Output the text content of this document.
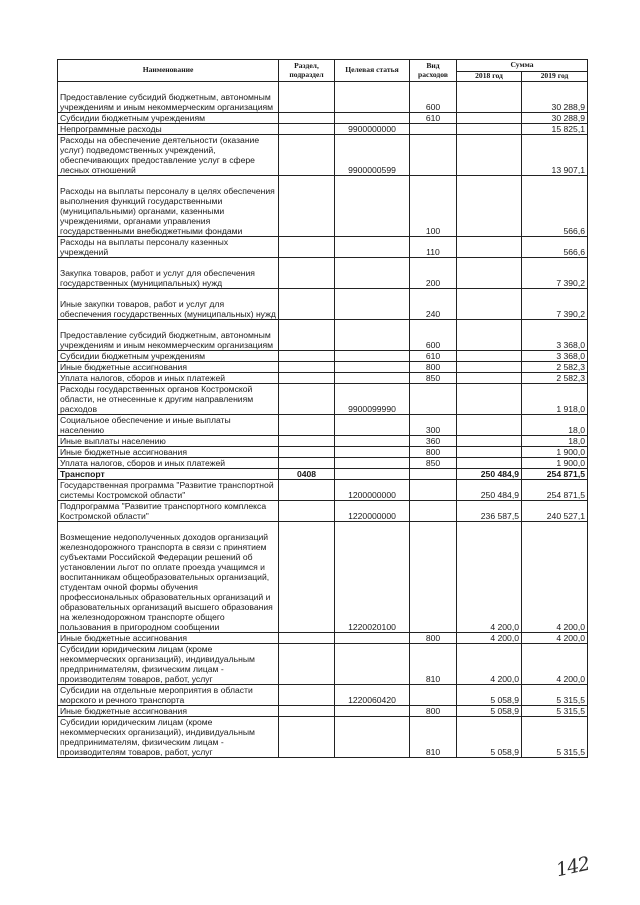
Наименование	Раздел, подраздел	Целевая статья	Вид расходов	Сумма	
				2018 год	2019 год
Предоставление субсидий бюджетным, автономным учреждениям и иным некоммерческим организациям			600		30 288,9
Субсидии бюджетным учреждениям			610		30 288,9
Непрограммные расходы		9900000000			15 825,1
Расходы на обеспечение деятельности (оказание услуг) подведомственных учреждений, обеспечивающих предоставление услуг в сфере лесных отношений		9900000599			13 907,1
Расходы на выплаты персоналу в целях обеспечения выполнения функций государственными (муниципальными) органами, казенными учреждениями, органами управления государственными внебюджетными фондами			100		566,6
Расходы на выплаты персоналу казенных учреждений			110		566,6
Закупка товаров, работ и услуг для обеспечения государственных (муниципальных) нужд			200		7 390,2
Иные закупки товаров, работ и услуг для обеспечения государственных (муниципальных) нужд			240		7 390,2
Предоставление субсидий бюджетным, автономным учреждениям и иным некоммерческим организациям			600		3 368,0
Субсидии бюджетным учреждениям			610		3 368,0
Иные бюджетные ассигнования			800		2 582,3
Уплата налогов, сборов и иных платежей			850		2 582,3
Расходы государственных органов Костромской области, не отнесенные к другим направлениям расходов		9900099990			1 918,0
Социальное обеспечение и иные выплаты населению			300		18,0
Иные выплаты населению			360		18,0
Иные бюджетные ассигнования			800		1 900,0
Уплата налогов, сборов и иных платежей			850		1 900,0
Транспорт	0408			250 484,9	254 871,5
Государственная программа "Развитие транспортной системы Костромской области"		1200000000		250 484,9	254 871,5
Подпрограмма "Развитие транспортного комплекса Костромской области"		1220000000		236 587,5	240 527,1
Возмещение недополученных доходов организаций железнодорожного транспорта в связи с принятием субъектами Российской Федерации решений об установлении льгот по оплате проезда учащимся и воспитанникам общеобразовательных организаций, студентам очной формы обучения профессиональных образовательных организаций и образовательных организаций высшего образования на железнодорожном транспорте общего пользования в пригородном сообщении		1220020100		4 200,0	4 200,0
Иные бюджетные ассигнования			800	4 200,0	4 200,0
Субсидии юридическим лицам (кроме некоммерческих организаций), индивидуальным предпринимателям, физическим лицам - производителям товаров, работ, услуг			810	4 200,0	4 200,0
Субсидии на отдельные мероприятия в области морского и речного транспорта		1220060420		5 058,9	5 315,5
Иные бюджетные ассигнования			800	5 058,9	5 315,5
Субсидии юридическим лицам (кроме некоммерческих организаций), индивидуальным предпринимателям, физическим лицам - производителям товаров, работ, услуг			810	5 058,9	5 315,5
142
